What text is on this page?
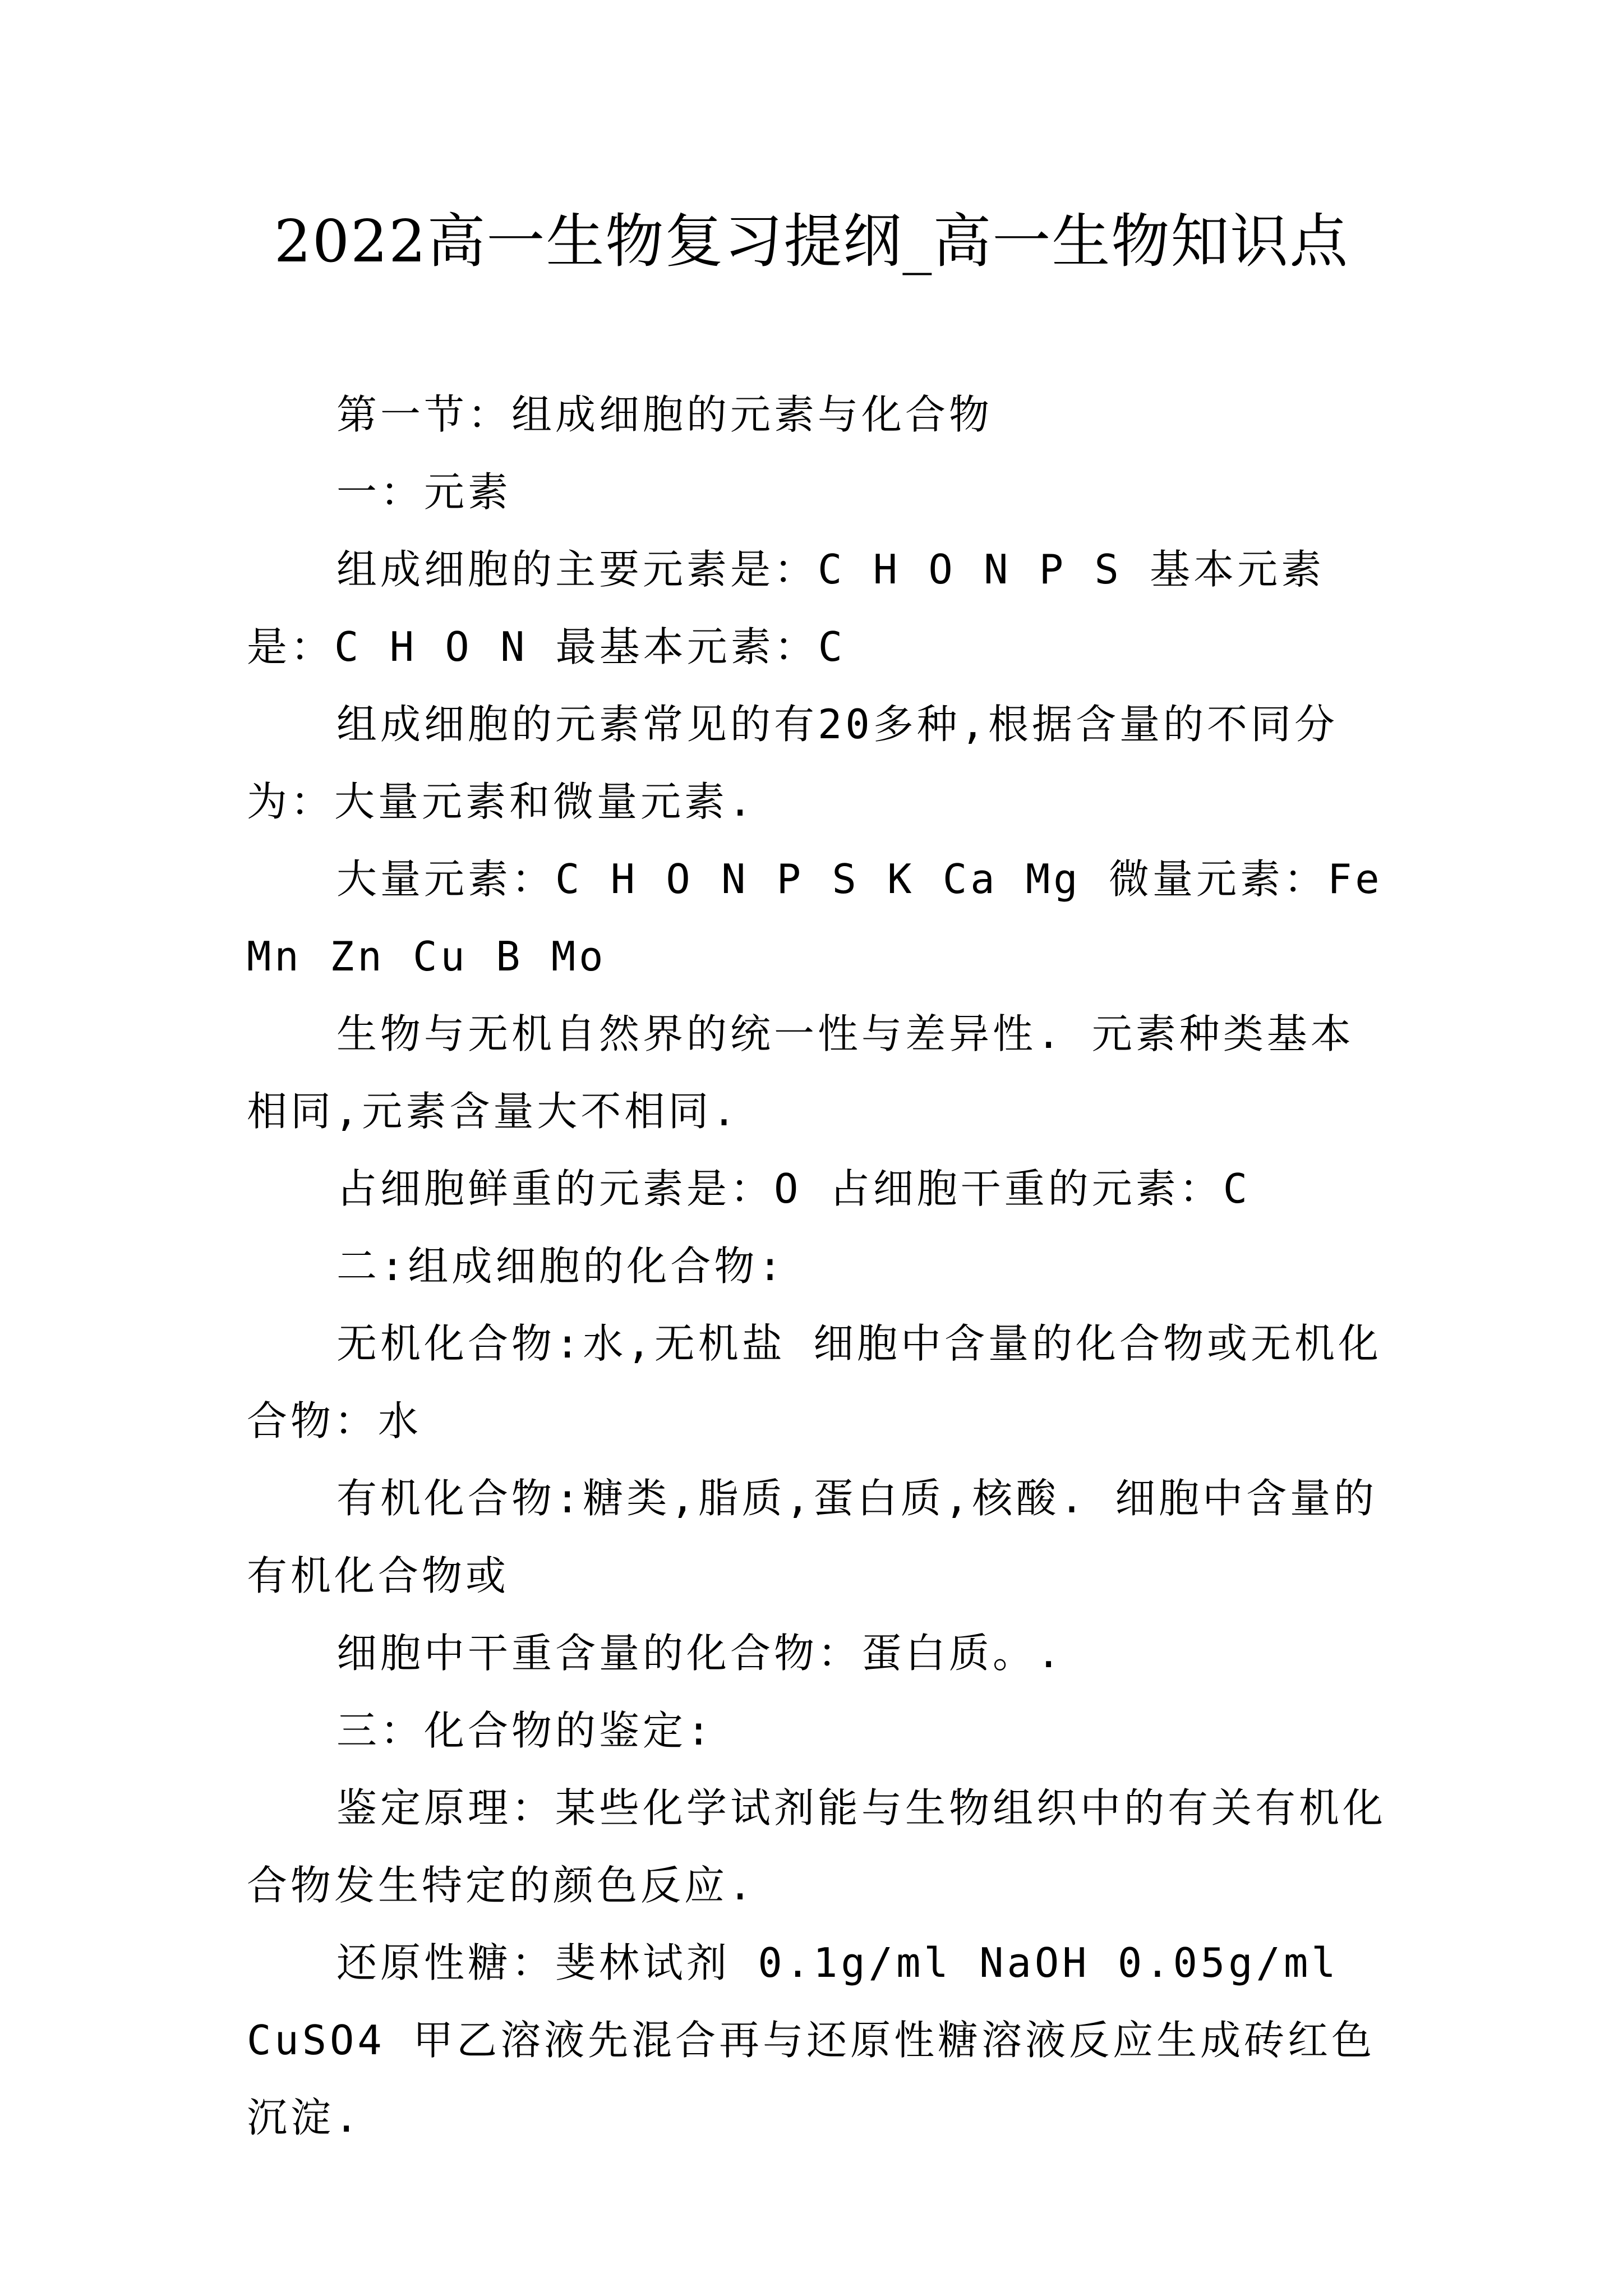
2022高一生物复习提纲_高一生物知识点

第一节：组成细胞的元素与化合物

一：元素

组成细胞的主要元素是：C H O N P S 基本元素是：C H O N 最基本元素：C

组成细胞的元素常见的有20多种,根据含量的不同分为：大量元素和微量元素.

大量元素：C H O N P S K Ca Mg 微量元素：Fe Mn Zn Cu B Mo

生物与无机自然界的统一性与差异性. 元素种类基本相同,元素含量大不相同.

占细胞鲜重的元素是：O 占细胞干重的元素：C

二:组成细胞的化合物:

无机化合物:水,无机盐 细胞中含量的化合物或无机化合物：水

有机化合物:糖类,脂质,蛋白质,核酸. 细胞中含量的有机化合物或

细胞中干重含量的化合物：蛋白质。.

三：化合物的鉴定:

鉴定原理：某些化学试剂能与生物组织中的有关有机化合物发生特定的颜色反应.

还原性糖：斐林试剂 0.1g/ml NaOH 0.05g/ml CuSO4 甲乙溶液先混合再与还原性糖溶液反应生成砖红色沉淀.
